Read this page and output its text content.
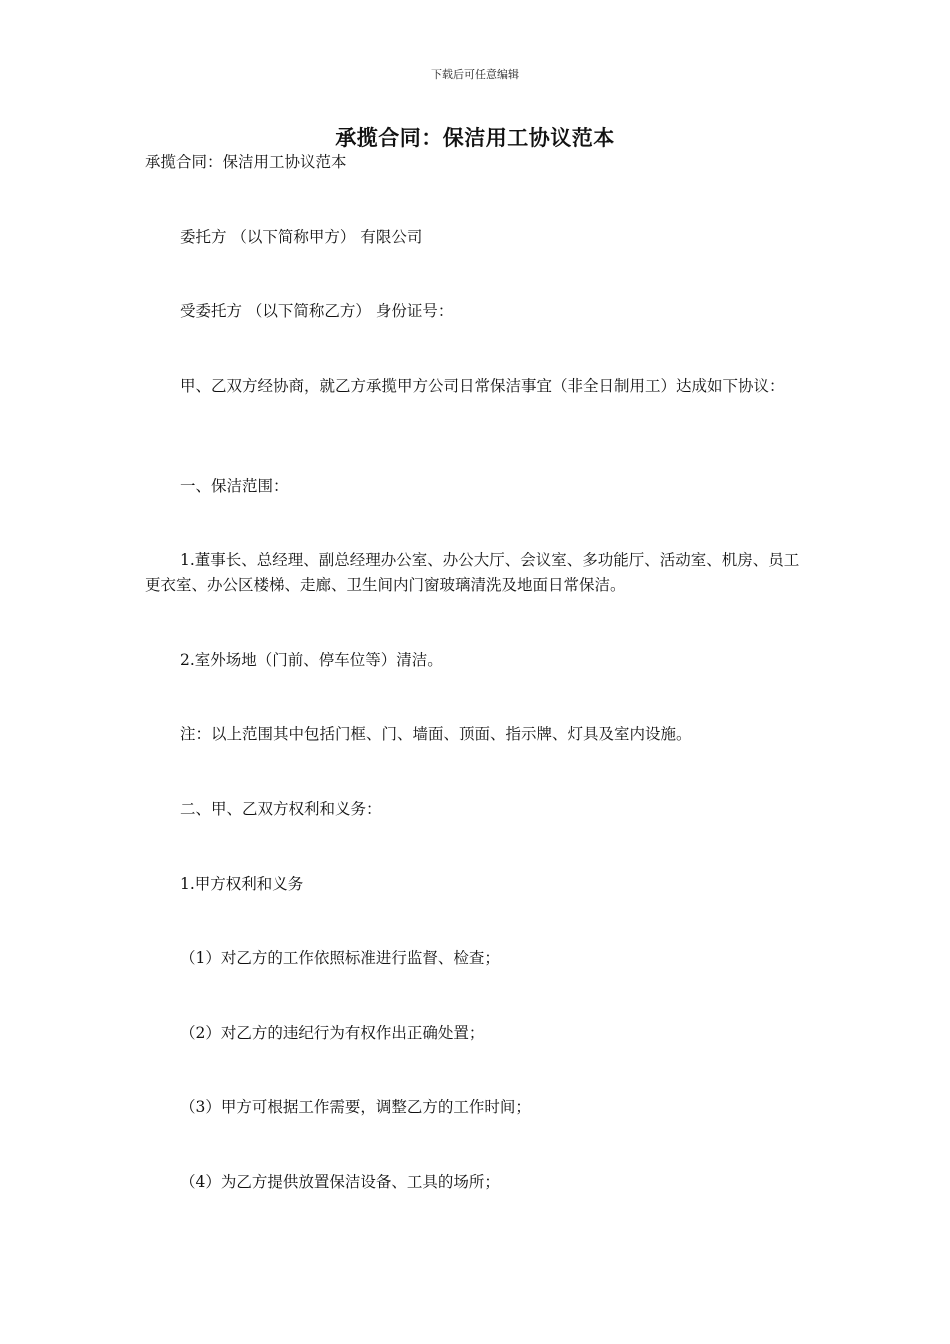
下载后可任意编辑
承揽合同：保洁用工协议范本

承揽合同：保洁用工协议范本

委托方 （以下简称甲方） 有限公司

受委托方 （以下简称乙方） 身份证号：

甲、乙双方经协商，就乙方承揽甲方公司日常保洁事宜（非全日制用工）达成如下协议：

一、保洁范围：

1.董事长、总经理、副总经理办公室、办公大厅、会议室、多功能厅、活动室、机房、员工更衣室、办公区楼梯、走廊、卫生间内门窗玻璃清洗及地面日常保洁。

2.室外场地（门前、停车位等）清洁。

注：以上范围其中包括门框、门、墙面、顶面、指示牌、灯具及室内设施。

二、甲、乙双方权利和义务：

1.甲方权利和义务

（1）对乙方的工作依照标准进行监督、检查；

（2）对乙方的违纪行为有权作出正确处置；

（3）甲方可根据工作需要，调整乙方的工作时间；

（4）为乙方提供放置保洁设备、工具的场所；
